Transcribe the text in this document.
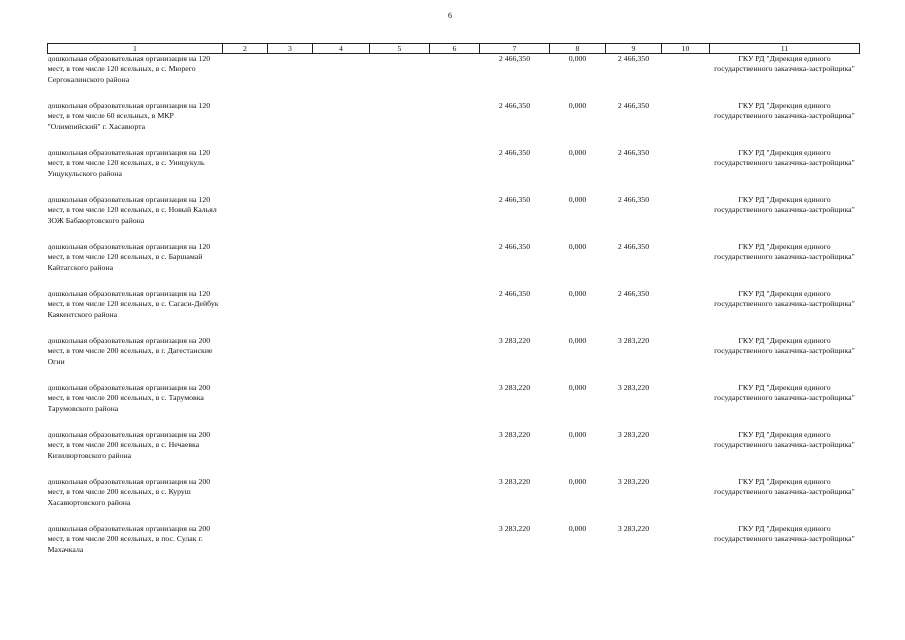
6
1	2	3	4	5	6	7	8	9	10	11
дошкольная образовательная организация на 120 мест, в том числе 120 ясельных, в с. Мюрего Сергокалинского района						2 466,350	0,000	2 466,350		ГКУ РД "Дирекция единого государственного заказчика-застройщика"
дошкольная образовательная организация на 120 мест, в том числе 60 ясельных, в МКР "Олимпийский" г. Хасавюрта						2 466,350	0,000	2 466,350		ГКУ РД "Дирекция единого государственного заказчика-застройщика"
дошкольная образовательная организация на 120 мест, в том числе 120 ясельных, в с. Уницукуль Унцукульского района						2 466,350	0,000	2 466,350		ГКУ РД "Дирекция единого государственного заказчика-застройщика"
дошкольная образовательная организация на 120 мест, в том числе 120 ясельных, в с. Новый Кальял ЗОЖ Бабаюртовского района						2 466,350	0,000	2 466,350		ГКУ РД "Дирекция единого государственного заказчика-застройщика"
дошкольная образовательная организация на 120 мест, в том числе 120 ясельных, в с. Баршамай Кайтагского района						2 466,350	0,000	2 466,350		ГКУ РД "Дирекция единого государственного заказчика-застройщика"
дошкольная образовательная организация на 120 мест, в том числе 120 ясельных, в с. Сагаси-Дейбук Каякентского района						2 466,350	0,000	2 466,350		ГКУ РД "Дирекция единого государственного заказчика-застройщика"
дошкольная образовательная организация на 200 мест, в том числе 200 ясельных, в г. Дагестанские Огни						3 283,220	0,000	3 283,220		ГКУ РД "Дирекция единого государственного заказчика-застройщика"
дошкольная образовательная организация на 200 мест, в том числе 200 ясельных, в с. Тарумовка Тарумовского района						3 283,220	0,000	3 283,220		ГКУ РД "Дирекция единого государственного заказчика-застройщика"
дошкольная образовательная организация на 200 мест, в том числе 200 ясельных, в с. Нечаевка Кизилюртовского района						3 283,220	0,000	3 283,220		ГКУ РД "Дирекция единого государственного заказчика-застройщика"
дошкольная образовательная организация на 200 мест, в том числе 200 ясельных, в с. Куруш Хасавюртовского района						3 283,220	0,000	3 283,220		ГКУ РД "Дирекция единого государственного заказчика-застройщика"
дошкольная образовательная организация на 200 мест, в том числе 200 ясельных, в пос. Сулак г. Махачкала						3 283,220	0,000	3 283,220		ГКУ РД "Дирекция единого государственного заказчика-застройщика"
